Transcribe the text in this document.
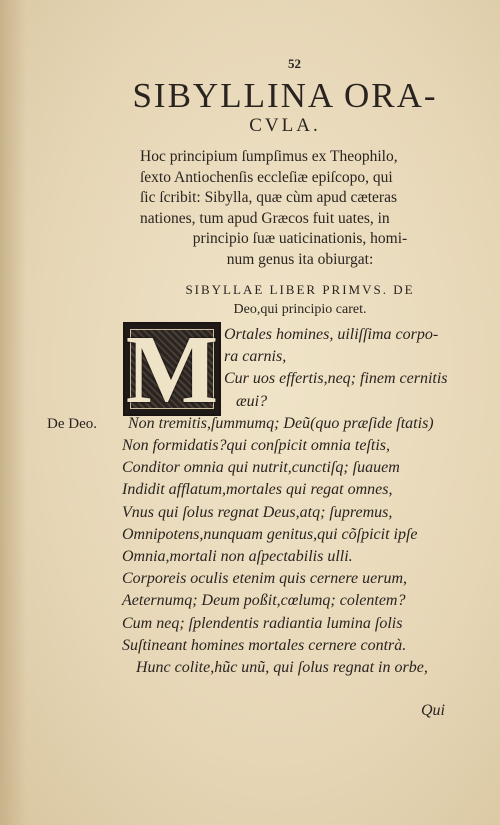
52
SIBYLLINA ORA-
CVLA.
Hoc principium ſumpſimus ex Theophilo,
ſexto Antiochenſis eccleſiæ epiſcopo, qui
ſic ſcribit: Sibylla, quæ cùm apud cæteras
nationes, tum apud Græcos fuit uates, in
principio ſuæ uaticinationis, homi-
num genus ita obiurgat:
SIBYLLAE LIBER PRIMVS. DE
Deo,qui principio caret.
M
De Deo.
Ortales homines, uiliſſima corpo-
ra carnis,
Cur uos effertis,neq; finem cernitis
æui?
Non tremitis,ſummumq; Deũ(quo præſide ſtatis)
Non formidatis?qui conſpicit omnia teſtis,
Conditor omnia qui nutrit,cunctiſq; ſuauem
Indidit afflatum,mortales qui regat omnes,
Vnus qui ſolus regnat Deus,atq; ſupremus,
Omnipotens,nunquam genitus,qui cõſpicit ipſe
Omnia,mortali non aſpectabilis ulli.
Corporeis oculis etenim quis cernere uerum,
Aeternumq; Deum poßit,cœlumq; colentem?
Cum neq; ſplendentis radiantia lumina ſolis
Suſtineant homines mortales cernere contrà.
Hunc colite,hũc unũ, qui ſolus regnat in orbe,
Qui
